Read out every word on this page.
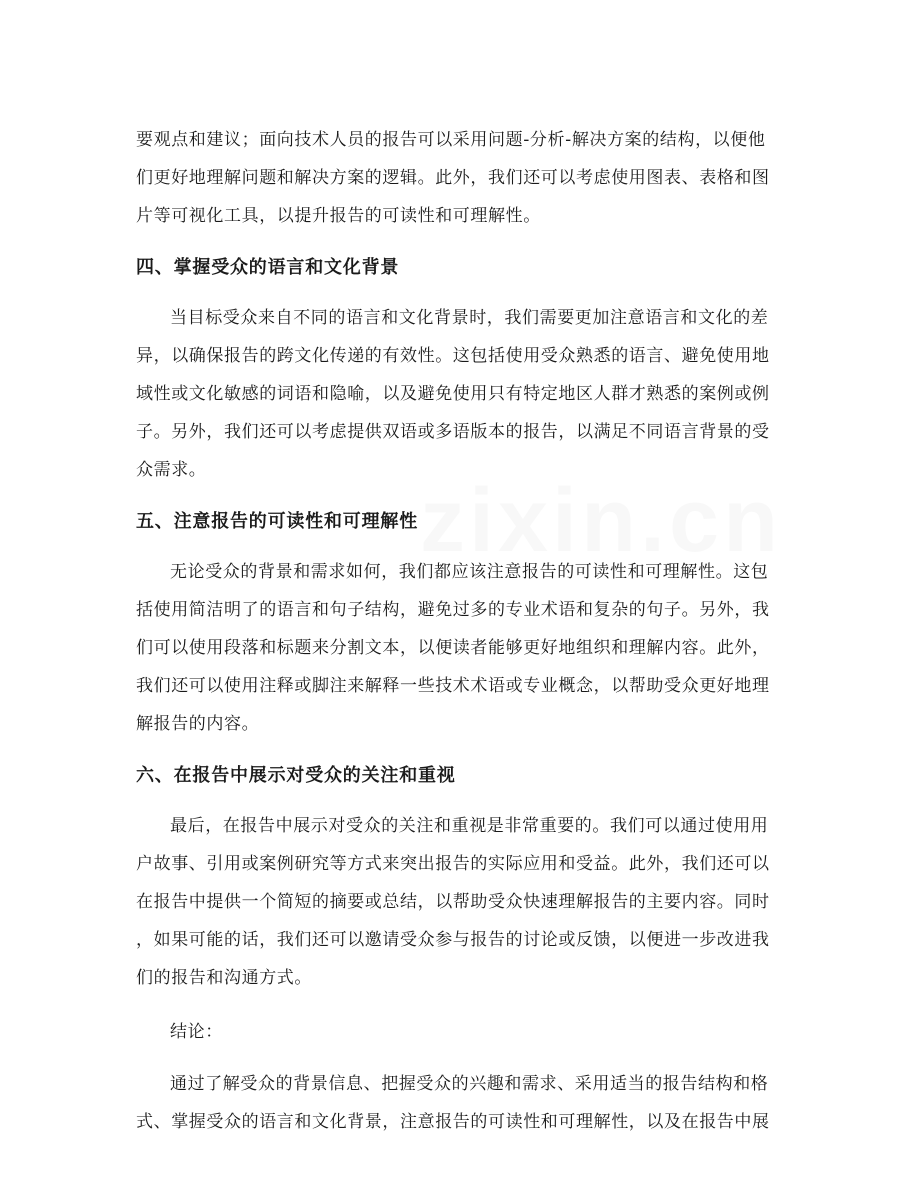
要观点和建议；面向技术人员的报告可以采用问题-分析-解决方案的结构，以便他
们更好地理解问题和解决方案的逻辑。此外，我们还可以考虑使用图表、表格和图
片等可视化工具，以提升报告的可读性和可理解性。
四、掌握受众的语言和文化背景
当目标受众来自不同的语言和文化背景时，我们需要更加注意语言和文化的差
异，以确保报告的跨文化传递的有效性。这包括使用受众熟悉的语言、避免使用地
域性或文化敏感的词语和隐喻，以及避免使用只有特定地区人群才熟悉的案例或例
子。另外，我们还可以考虑提供双语或多语版本的报告，以满足不同语言背景的受
众需求。
五、注意报告的可读性和可理解性
无论受众的背景和需求如何，我们都应该注意报告的可读性和可理解性。这包
括使用简洁明了的语言和句子结构，避免过多的专业术语和复杂的句子。另外，我
们可以使用段落和标题来分割文本，以便读者能够更好地组织和理解内容。此外，
我们还可以使用注释或脚注来解释一些技术术语或专业概念，以帮助受众更好地理
解报告的内容。
六、在报告中展示对受众的关注和重视
最后，在报告中展示对受众的关注和重视是非常重要的。我们可以通过使用用
户故事、引用或案例研究等方式来突出报告的实际应用和受益。此外，我们还可以
在报告中提供一个简短的摘要或总结，以帮助受众快速理解报告的主要内容。同时
，如果可能的话，我们还可以邀请受众参与报告的讨论或反馈，以便进一步改进我
们的报告和沟通方式。
结论：
通过了解受众的背景信息、把握受众的兴趣和需求、采用适当的报告结构和格
式、掌握受众的语言和文化背景，注意报告的可读性和可理解性，以及在报告中展
